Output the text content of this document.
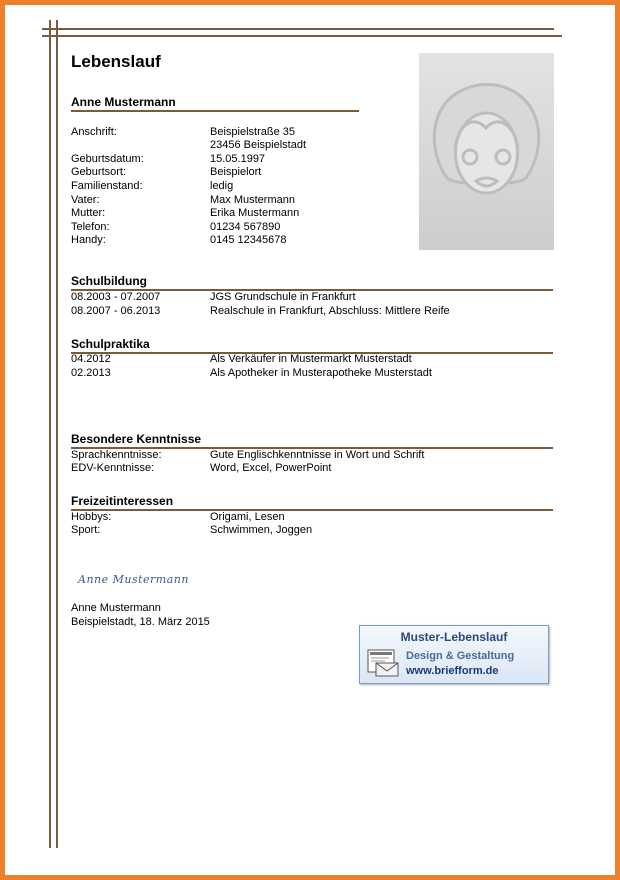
Lebenslauf
Anne Mustermann
Anschrift:	Beispielstraße 35
23456 Beispielstadt
Geburtsdatum:	15.05.1997
Geburtsort:	Beispielort
Familienstand:	ledig
Vater:	Max Mustermann
Mutter:	Erika Mustermann
Telefon:	01234 567890
Handy:	0145 12345678
Schulbildung
08.2003 - 07.2007	JGS Grundschule in Frankfurt
08.2007 - 06.2013	Realschule in Frankfurt, Abschluss: Mittlere Reife
Schulpraktika
04.2012	Als Verkäufer in Mustermarkt Musterstadt
02.2013	Als Apotheker in Musterapotheke Musterstadt
Besondere Kenntnisse
Sprachkenntnisse:	Gute Englischkenntnisse in Wort und Schrift
EDV-Kenntnisse:	Word, Excel, PowerPoint
Freizeitinteressen
Hobbys:	Origami, Lesen
Sport:	Schwimmen, Joggen
Anne Mustermann
Anne Mustermann
Beispielstadt, 18. März 2015
Muster-Lebenslauf
Design & Gestaltung
www.briefform.de
